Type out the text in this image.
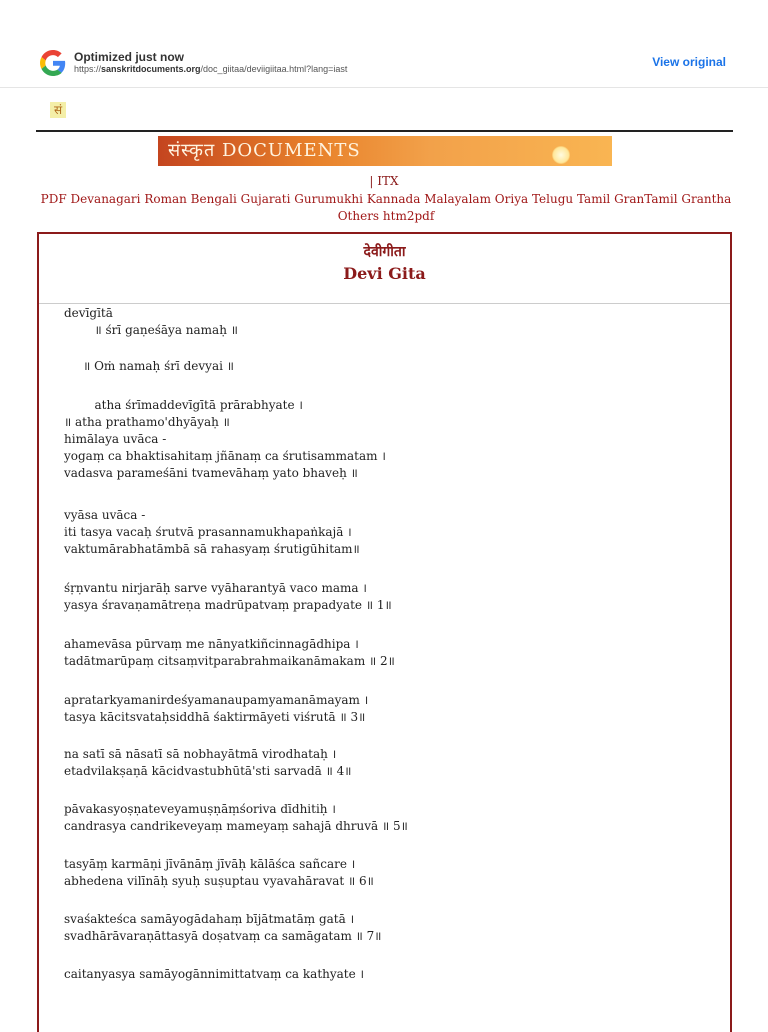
Optimized just now
https://sanskritdocuments.org/doc_giitaa/deviigiitaa.html?lang=iast	View original
सं
संस्कृत DOCUMENTS
| ITX
PDF Devanagari Roman Bengali Gujarati Gurumukhi Kannada Malayalam Oriya Telugu Tamil GranTamil Grantha Others htm2pdf
देवीगीता
Devi Gita
devīgītā
॥ śrī gaṇeśāya namaḥ ॥
॥ Oṁ namaḥ śrī devyai ॥
atha śrīmaddevīgītā prārabhyate ।
॥ atha prathamo'dhyāyaḥ ॥
himālaya uvāca -
yogaṃ ca bhaktisahitaṃ jñānaṃ ca śrutisammatam ।
vadasva parameśāni tvamevāhaṃ yato bhaveḥ ॥
vyāsa uvāca -
iti tasya vacaḥ śrutvā prasannamukhapaṅkajā ।
vaktumārabhatāmbā sā rahasyaṃ śrutigūhitam॥
śṛṇvantu nirjarāḥ sarve vyāharantyā vaco mama ।
yasya śravaṇamātreṇa madrūpatvaṃ prapadyate ॥ 1॥
ahamevāsa pūrvaṃ me nānyatkiñcinnagādhipa ।
tadātmarūpaṃ citsaṃvitparabrahmaikanāmakam ॥ 2॥
apratarkyamanirdeśyamanaupamyamanāmayam ।
tasya kācitsvataḥsiddhā śaktirmāyeti viśrutā ॥ 3॥
na satī sā nāsatī sā nobhayātmā virodhataḥ ।
etadvilakṣaṇā kācidvastubhūtā'sti sarvadā ॥ 4॥
pāvakasyoṣṇateveyamuṣṇāṃśoriva dīdhitiḥ ।
candrasya candrikeveyaṃ mameyaṃ sahajā dhruvā ॥ 5॥
tasyāṃ karmāṇi jīvānāṃ jīvāḥ kālāśca sañcare ।
abhedena vilīnāḥ syuḥ suṣuptau vyavahāravat ॥ 6॥
svaśakteśca samāyogādahaṃ bījātmatāṃ gatā ।
svadhārāvaraṇāttasyā doṣatvaṃ ca samāgatam ॥ 7॥
caitanyasya samāyogānnimittatvaṃ ca kathyate ।
